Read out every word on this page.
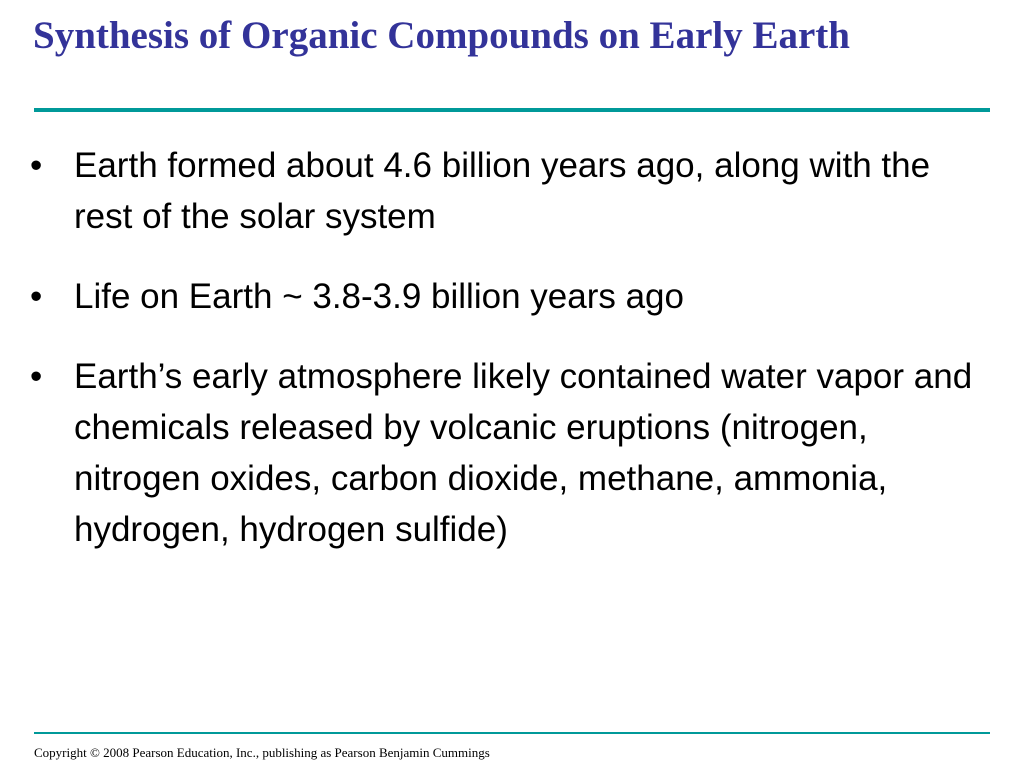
Synthesis of Organic Compounds on Early Earth
• Earth formed about 4.6 billion years ago, along with the rest of the solar system
• Life on Earth ~ 3.8-3.9 billion years ago
• Earth’s early atmosphere likely contained water vapor and chemicals released by volcanic eruptions (nitrogen, nitrogen oxides, carbon dioxide, methane, ammonia, hydrogen, hydrogen sulfide)
Copyright © 2008 Pearson Education, Inc., publishing as Pearson Benjamin Cummings
